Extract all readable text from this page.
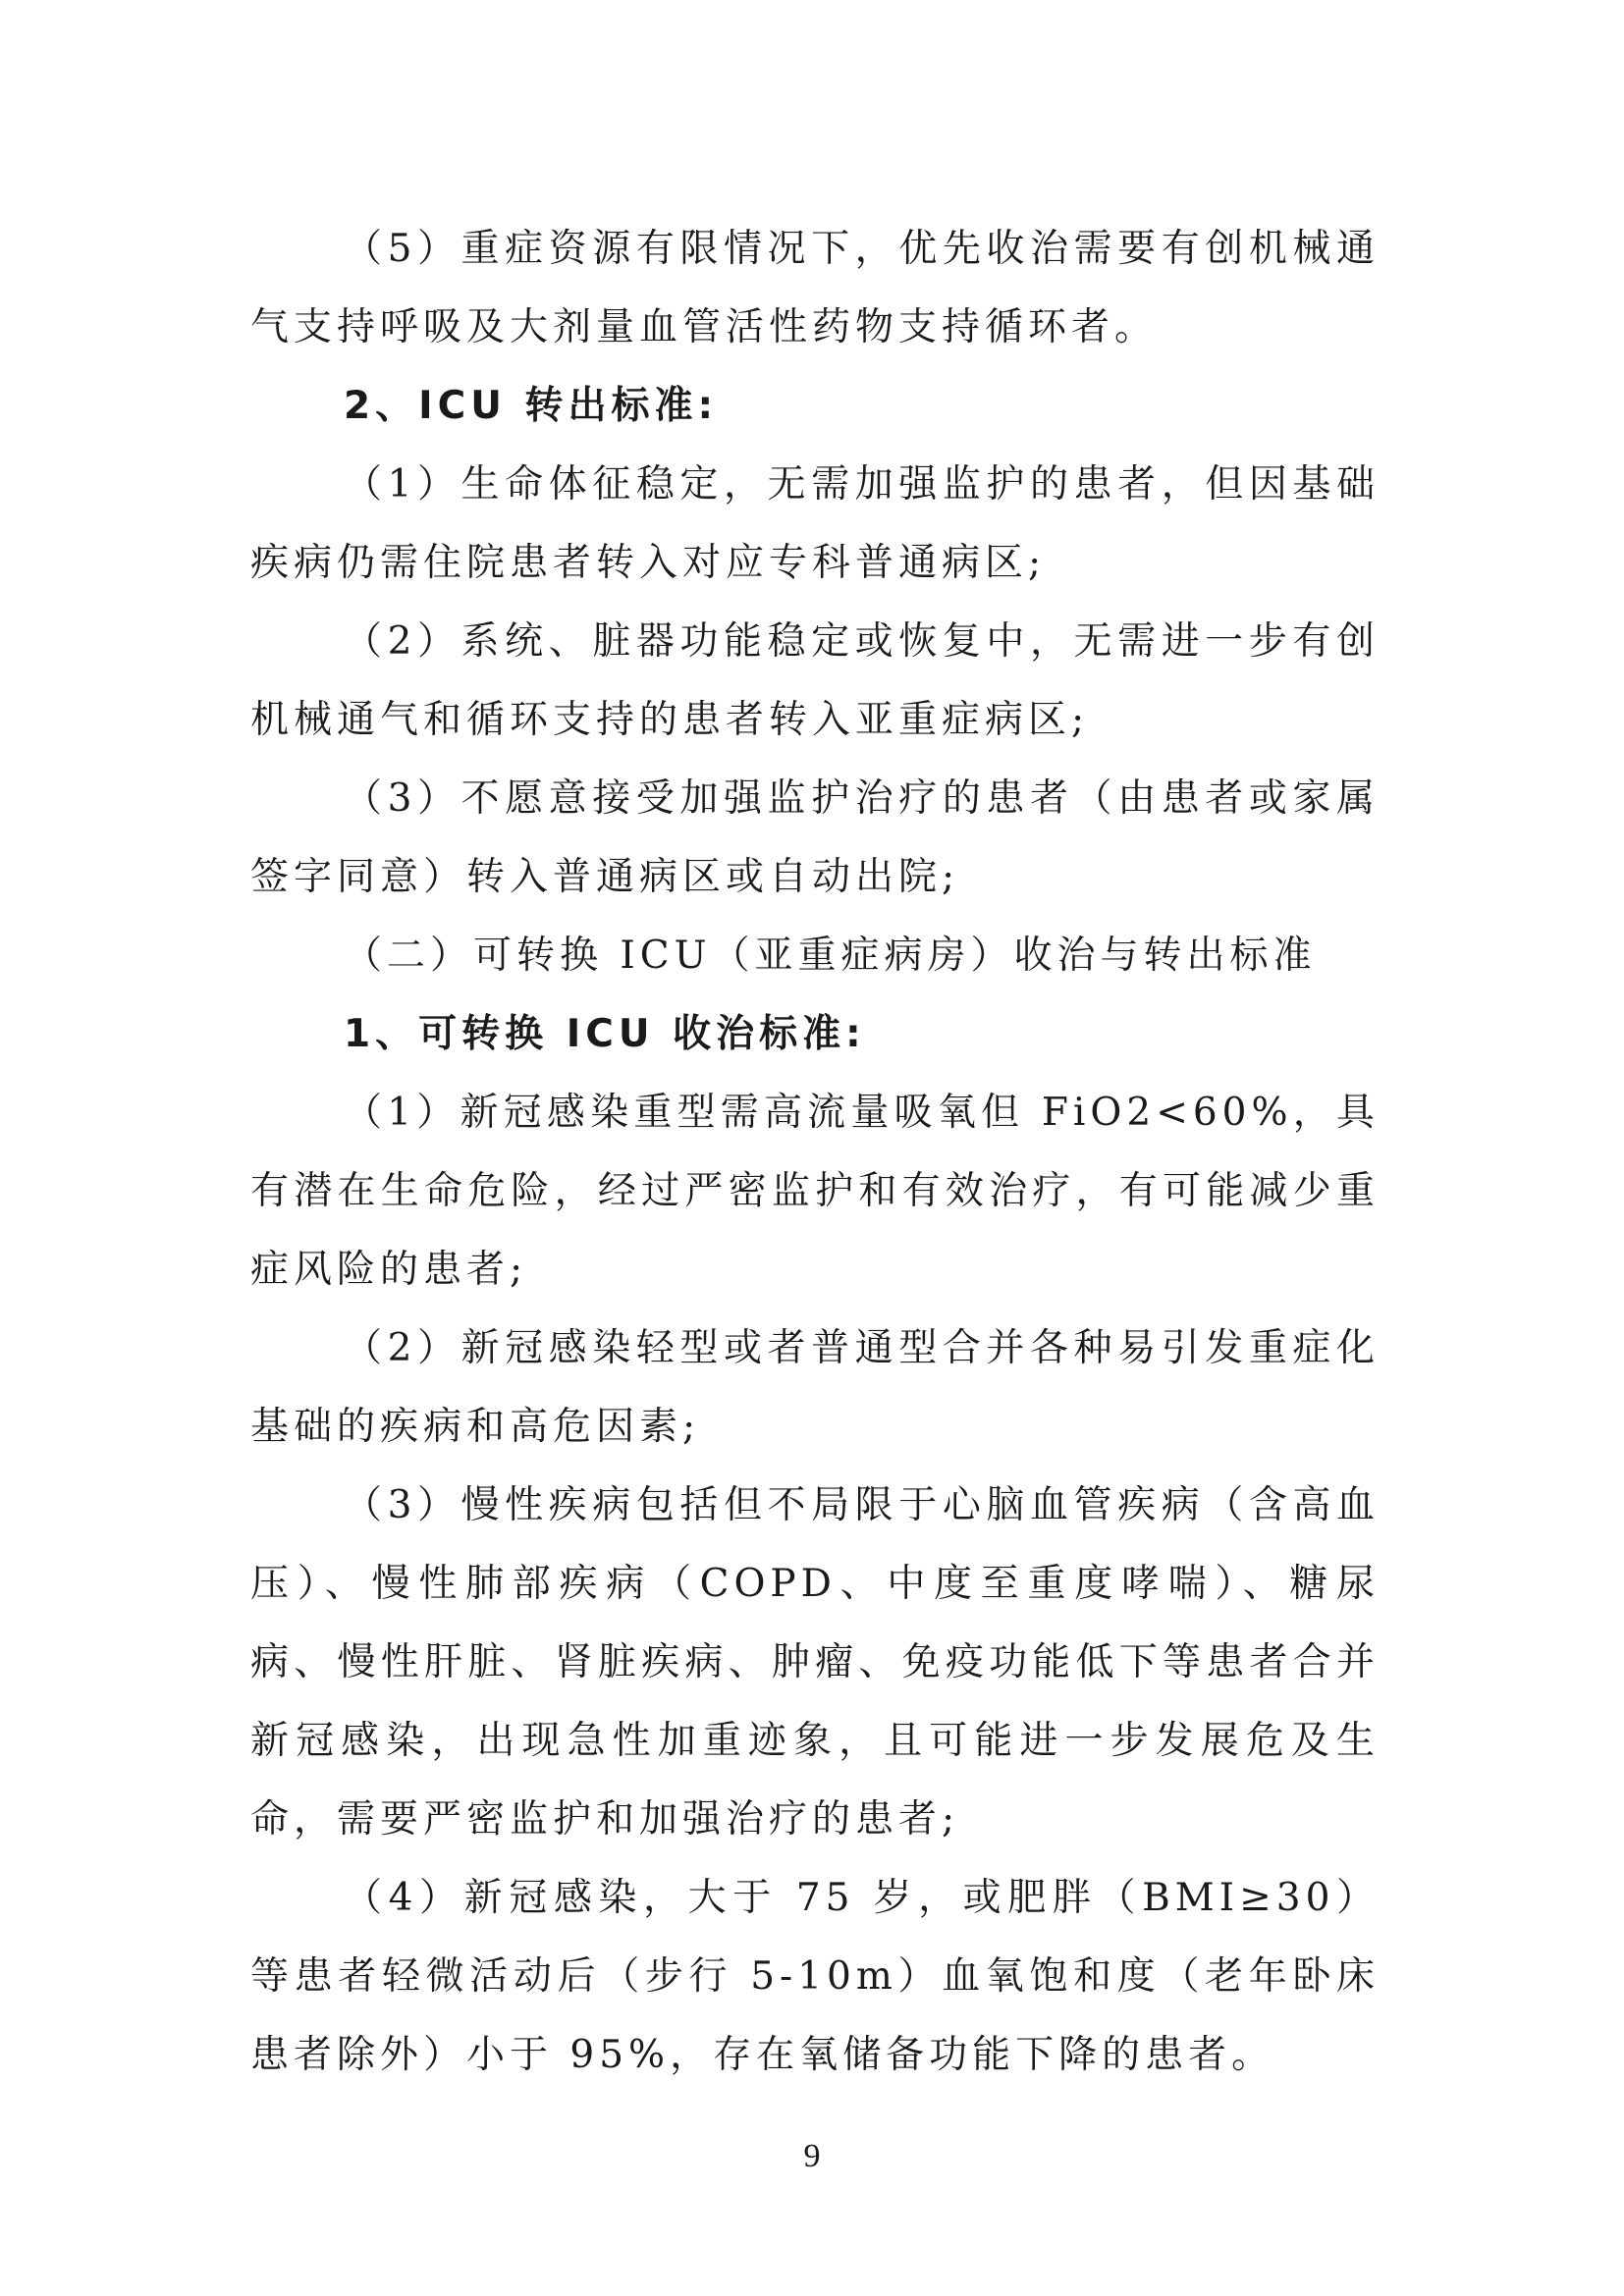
（5）重症资源有限情况下，优先收治需要有创机械通气支持呼吸及大剂量血管活性药物支持循环者。

2、ICU 转出标准:

（1）生命体征稳定，无需加强监护的患者，但因基础疾病仍需住院患者转入对应专科普通病区;

（2）系统、脏器功能稳定或恢复中，无需进一步有创机械通气和循环支持的患者转入亚重症病区;

（3）不愿意接受加强监护治疗的患者（由患者或家属签字同意）转入普通病区或自动出院;

（二）可转换 ICU（亚重症病房）收治与转出标准

1、可转换 ICU 收治标准:

（1）新冠感染重型需高流量吸氧但 FiO2<60%，具有潜在生命危险，经过严密监护和有效治疗，有可能减少重症风险的患者;

（2）新冠感染轻型或者普通型合并各种易引发重症化基础的疾病和高危因素;

（3）慢性疾病包括但不局限于心脑血管疾病（含高血压）、慢性肺部疾病（COPD、中度至重度哮喘）、糖尿病、慢性肝脏、肾脏疾病、肿瘤、免疫功能低下等患者合并新冠感染，出现急性加重迹象，且可能进一步发展危及生命，需要严密监护和加强治疗的患者;

（4）新冠感染，大于 75 岁，或肥胖（BMI≥30）等患者轻微活动后（步行 5-10m）血氧饱和度（老年卧床患者除外）小于 95%，存在氧储备功能下降的患者。

9
